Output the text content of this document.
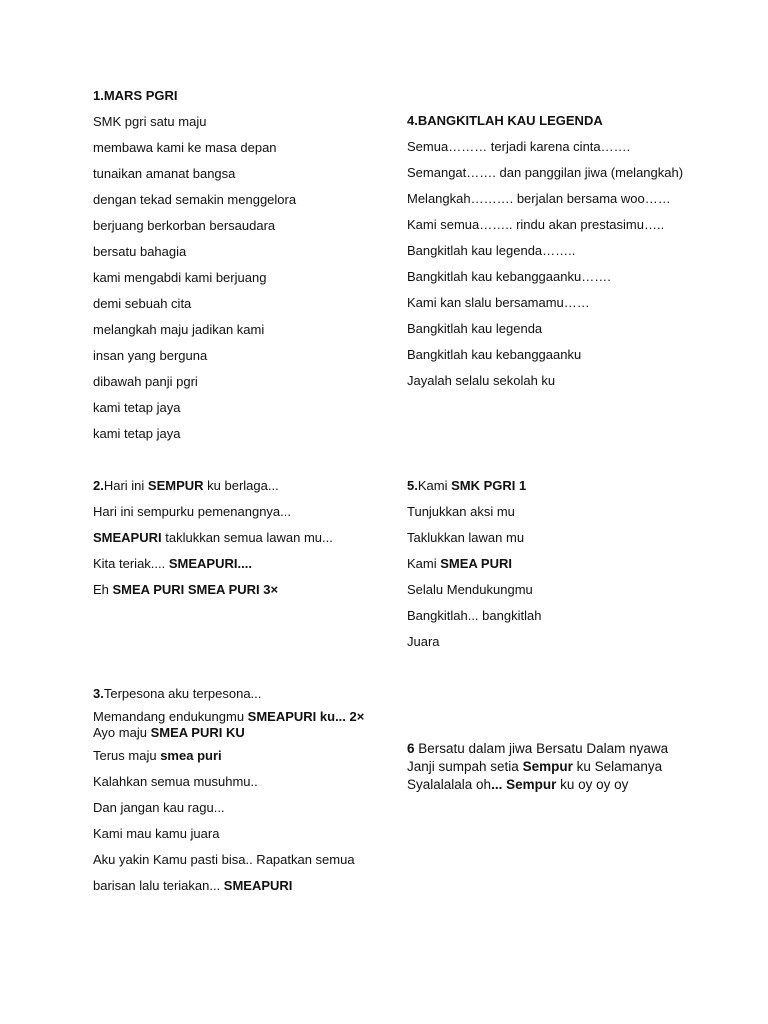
1.MARS PGRI
SMK pgri satu maju
membawa kami ke masa depan
tunaikan amanat bangsa
dengan tekad semakin menggelora
berjuang berkorban bersaudara
bersatu bahagia
kami mengabdi kami berjuang
demi sebuah cita
melangkah maju jadikan kami
insan yang berguna
dibawah panji pgri
kami tetap jaya
kami tetap jaya
4.BANGKITLAH KAU LEGENDA
Semua……… terjadi karena cinta…….
Semangat……. dan panggilan jiwa (melangkah)
Melangkah………. berjalan bersama woo……
Kami semua…….. rindu akan prestasimu…..
Bangkitlah kau legenda……..
Bangkitlah kau kebanggaanku…….
Kami kan slalu bersamamu……
Bangkitlah kau legenda
Bangkitlah kau kebanggaanku
Jayalah selalu sekolah ku
2.Hari ini SEMPUR ku berlaga...
Hari ini sempurku pemenangnya...
SMEAPURI taklukkan semua lawan mu...
Kita teriak.... SMEAPURI....
Eh SMEA PURI SMEA PURI 3×
5.Kami SMK PGRI 1
Tunjukkan aksi mu
Taklukkan lawan mu
Kami SMEA PURI
Selalu Mendukungmu
Bangkitlah... bangkitlah
Juara
3.Terpesona aku terpesona...
Memandang endukungmu SMEAPURI ku... 2×
Ayo maju SMEA PURI KU
Terus maju smea puri
Kalahkan semua musuhmu..
Dan jangan kau ragu...
Kami mau kamu juara
Aku yakin Kamu pasti bisa.. Rapatkan semua
barisan lalu teriakan... SMEAPURI
6 Bersatu dalam jiwa Bersatu Dalam nyawa Janji sumpah setia Sempur ku Selamanya Syalalalala oh... Sempur ku oy oy oy
